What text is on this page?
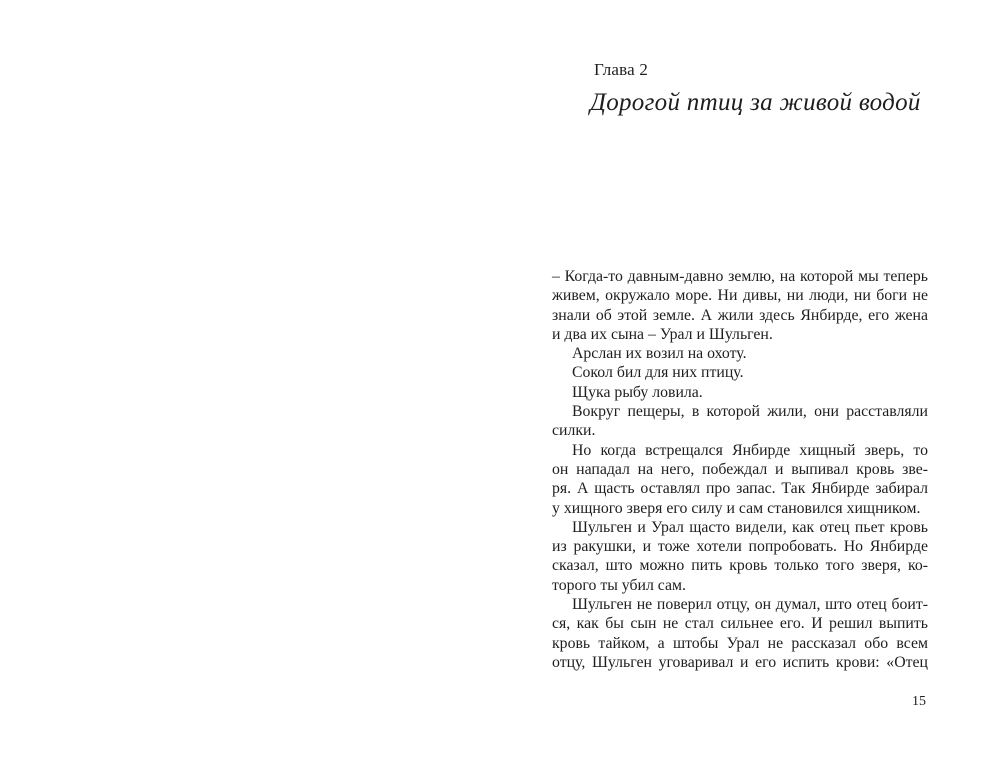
Глава 2
Дорогой птиц за живой водой
– Когда-то давным-давно землю, на которой мы теперь
живем, окружало море. Ни дивы, ни люди, ни боги не
знали об этой земле. А жили здесь Янбирде, его жена
и два их сына – Урал и Шульген.
Арслан их возил на охоту.
Сокол бил для них птицу.
Щука рыбу ловила.
Вокруг пещеры, в которой жили, они расставляли
силки.
Но когда встрещался Янбирде хищный зверь, то
он нападал на него, побеждал и выпивал кровь зве-
ря. А щасть оставлял про запас. Так Янбирде забирал
у хищного зверя его силу и сам становился хищником.
Шульген и Урал щасто видели, как отец пьет кровь
из ракушки, и тоже хотели попробовать. Но Янбирде
сказал, што можно пить кровь только того зверя, ко-
торого ты убил сам.
Шульген не поверил отцу, он думал, што отец боит-
ся, как бы сын не стал сильнее его. И решил выпить
кровь тайком, а штобы Урал не рассказал обо всем
отцу, Шульген уговаривал и его испить крови: «Отец
15
